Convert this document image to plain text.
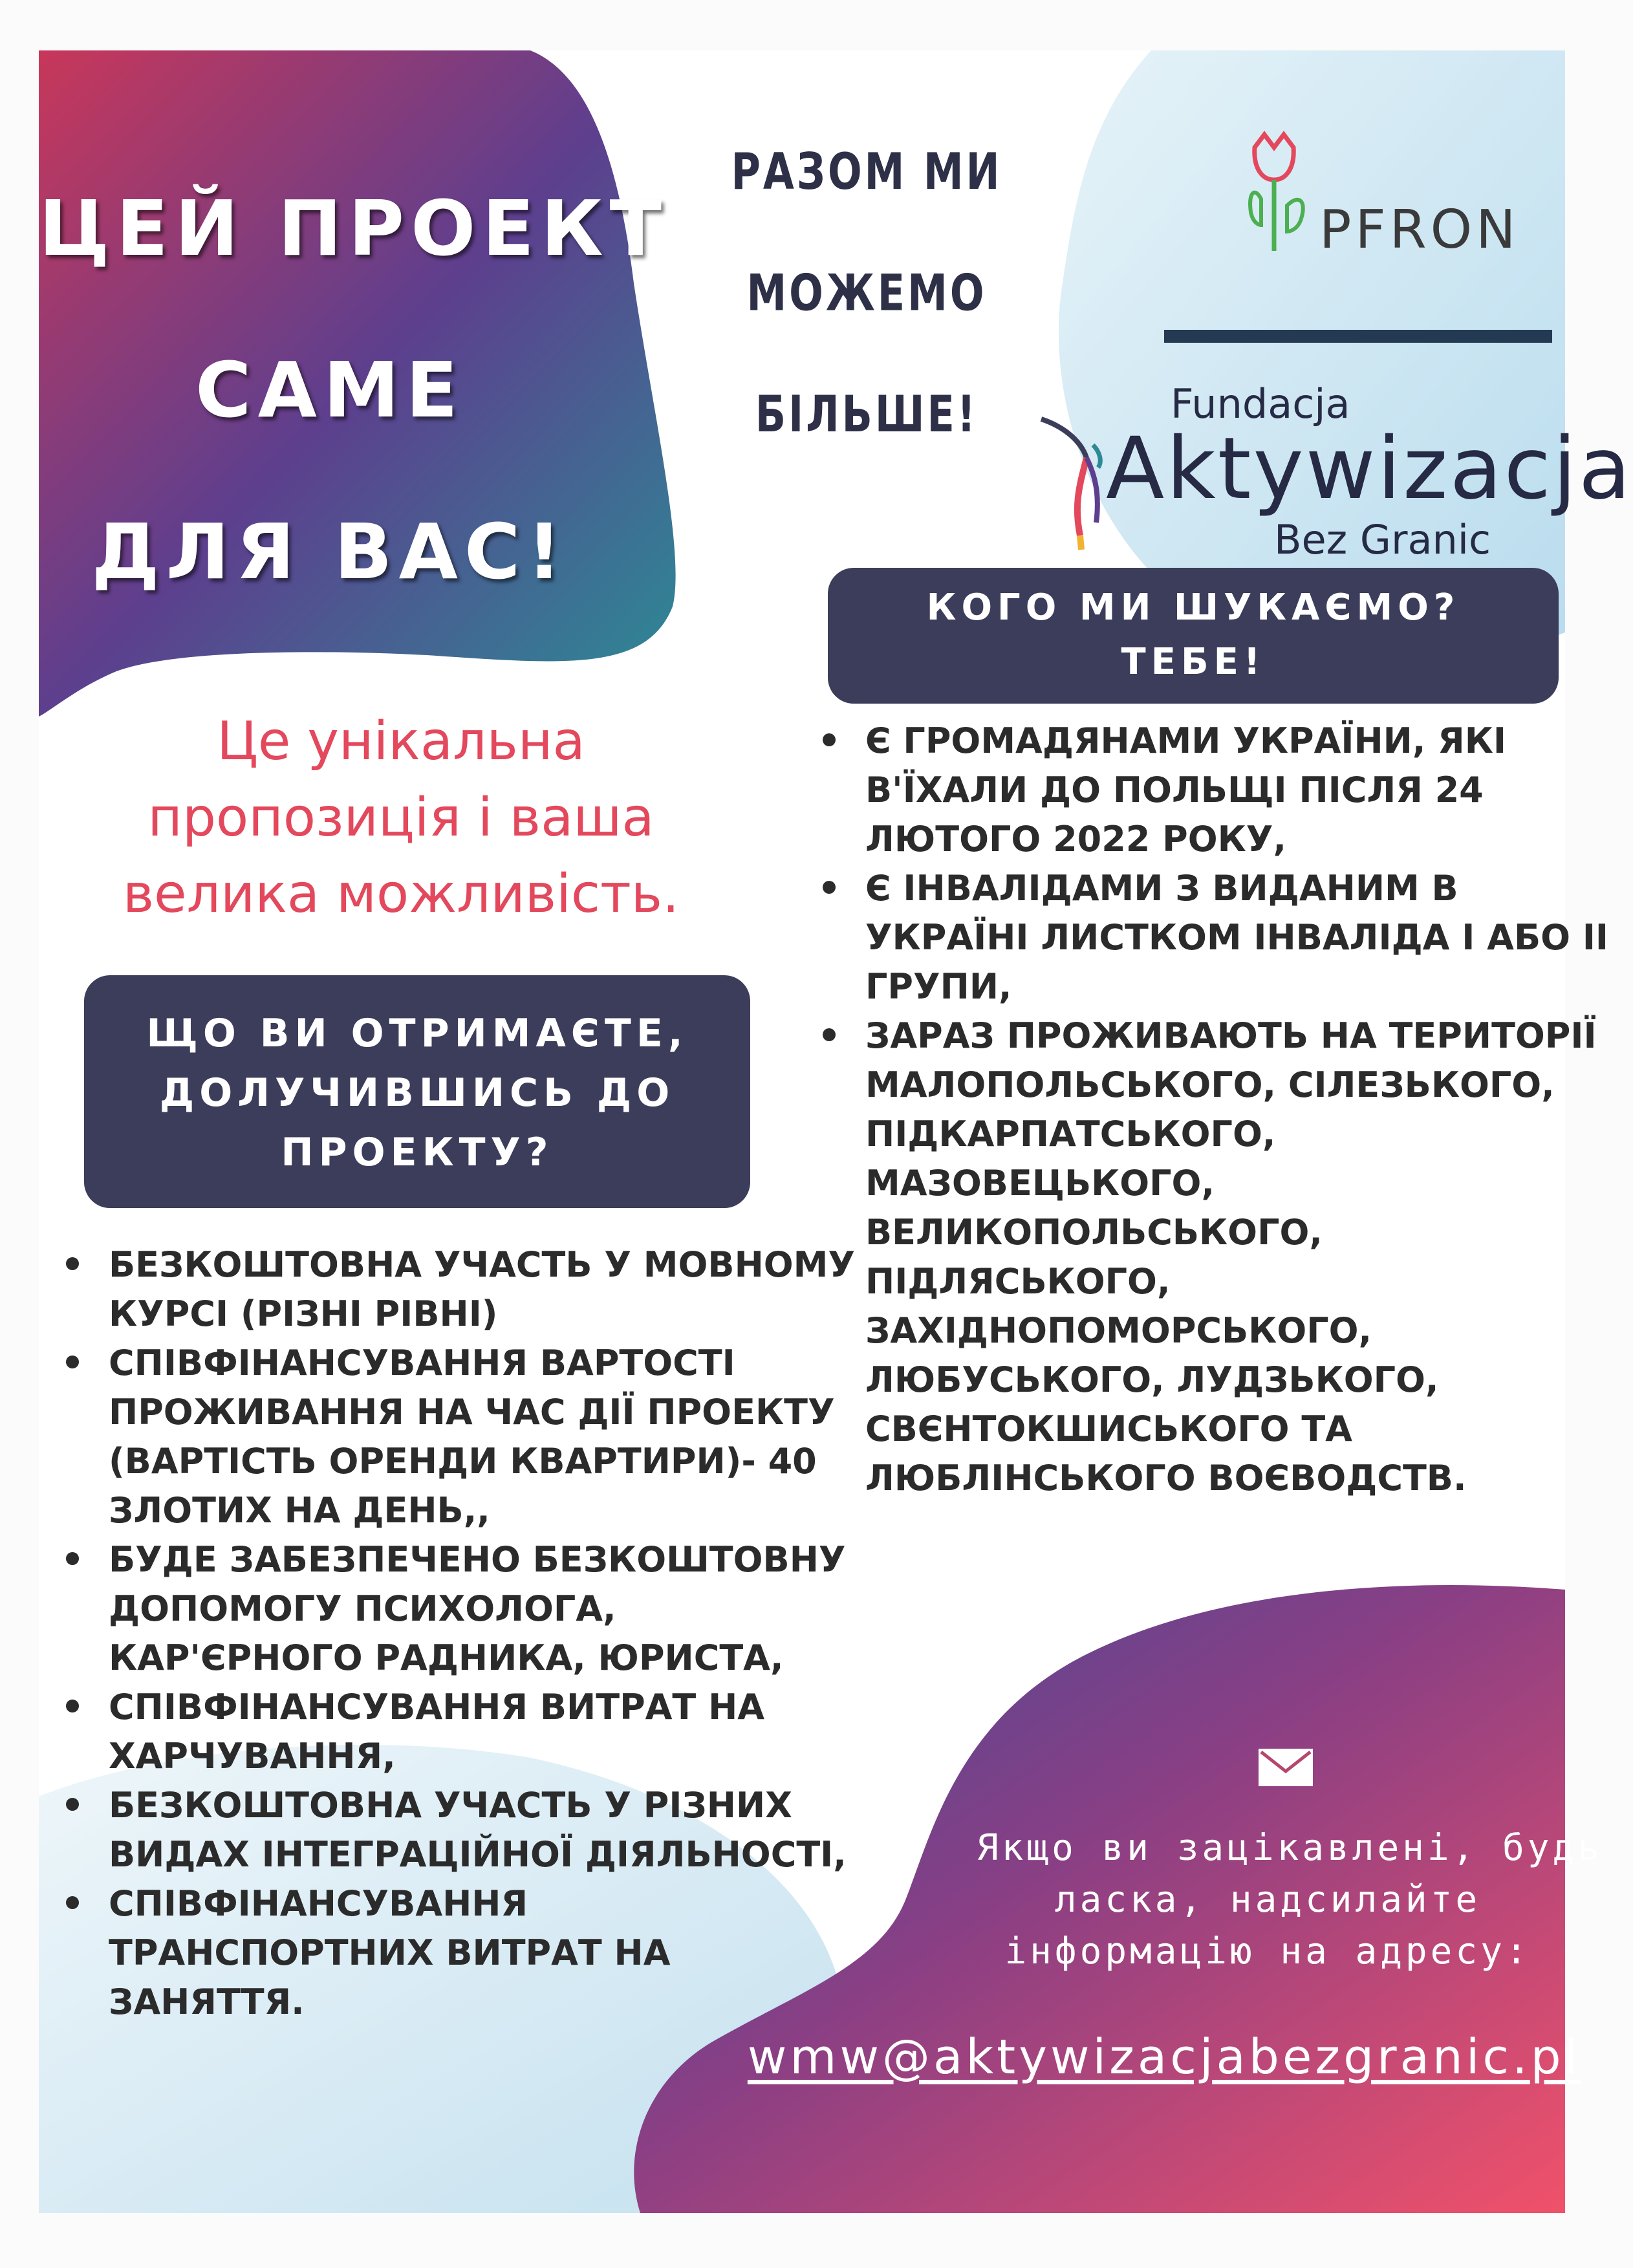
ЦЕЙ ПРОЕКТ
САМЕ
ДЛЯ ВАС!
РАЗОМ МИ МОЖЕМО
БІЛЬШЕ!
PFRON
Fundacja
Aktywizacja
Bez Granic
КОГО МИ ШУКАЄМО?
ТЕБЕ!
Є ГРОМАДЯНАМИ УКРАЇНИ, ЯКІ
В'ЇХАЛИ ДО ПОЛЬЩІ ПІСЛЯ 24
ЛЮТОГО 2022 РОКУ,
Є ІНВАЛІДАМИ З ВИДАНИМ В
УКРАЇНІ ЛИСТКОМ ІНВАЛІДА І АБО ІІ
ГРУПИ,
ЗАРАЗ ПРОЖИВАЮТЬ НА ТЕРИТОРІЇ
МАЛОПОЛЬСЬКОГО, СІЛЕЗЬКОГО,
ПІДКАРПАТСЬКОГО,
МАЗОВЕЦЬКОГО,
ВЕЛИКОПОЛЬСЬКОГО,
ПІДЛЯСЬКОГО,
ЗАХІДНОПОМОРСЬКОГО,
ЛЮБУСЬКОГО, ЛУДЗЬКОГО,
СВЄНТОКШИСЬКОГО ТА
ЛЮБЛІНСЬКОГО ВОЄВОДСТВ.
Це унікальна
пропозиція і ваша
велика можливість.
ЩО ВИ ОТРИМАЄТЕ,
ДОЛУЧИВШИСЬ ДО
ПРОЕКТУ?
БЕЗКОШТОВНА УЧАСТЬ У МОВНОМУ
КУРСІ (РІЗНІ РІВНІ)
СПІВФІНАНСУВАННЯ ВАРТОСТІ
ПРОЖИВАННЯ НА ЧАС ДІЇ ПРОЕКТУ
(ВАРТІСТЬ ОРЕНДИ КВАРТИРИ)- 40
ЗЛОТИХ НА ДЕНЬ,,
БУДЕ ЗАБЕЗПЕЧЕНО БЕЗКОШТОВНУ
ДОПОМОГУ ПСИХОЛОГА,
КАР'ЄРНОГО РАДНИКА, ЮРИСТА,
СПІВФІНАНСУВАННЯ ВИТРАТ НА
ХАРЧУВАННЯ,
БЕЗКОШТОВНА УЧАСТЬ У РІЗНИХ
ВИДАХ ІНТЕГРАЦІЙНОЇ ДІЯЛЬНОСТІ,
СПІВФІНАНСУВАННЯ
ТРАНСПОРТНИХ ВИТРАТ НА
ЗАНЯТТЯ.
Якщо ви зацікавлені, будь
ласка, надсилайте
інформацію на адресу:
wmw@aktywizacjabezgranic.pl
